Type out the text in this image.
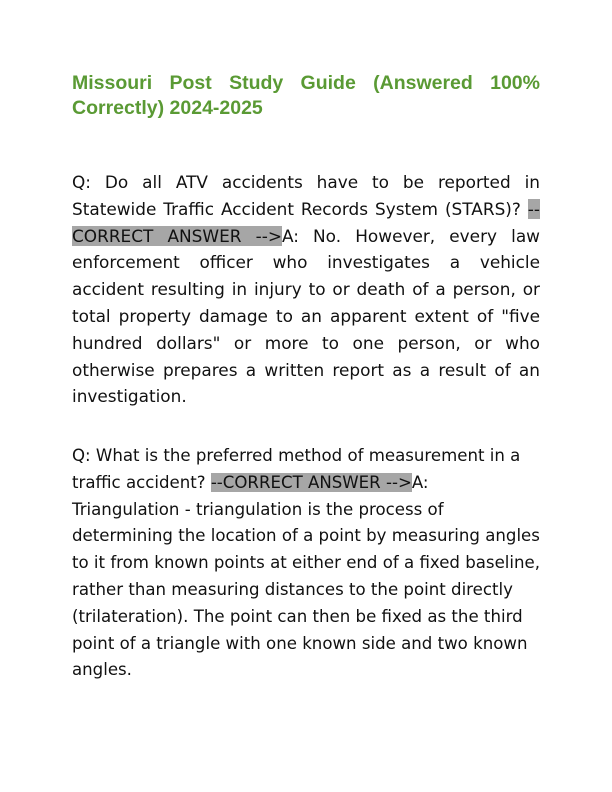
Missouri Post Study Guide (Answered 100% Correctly) 2024-2025

Q: Do all ATV accidents have to be reported in Statewide Traffic Accident Records System (STARS)? --CORRECT ANSWER -->A: No. However, every law enforcement officer who investigates a vehicle accident resulting in injury to or death of a person, or total property damage to an apparent extent of "five hundred dollars" or more to one person, or who otherwise prepares a written report as a result of an investigation.

Q: What is the preferred method of measurement in a traffic accident? --CORRECT ANSWER -->A: Triangulation - triangulation is the process of determining the location of a point by measuring angles to it from known points at either end of a fixed baseline, rather than measuring distances to the point directly (trilateration). The point can then be fixed as the third point of a triangle with one known side and two known angles.
